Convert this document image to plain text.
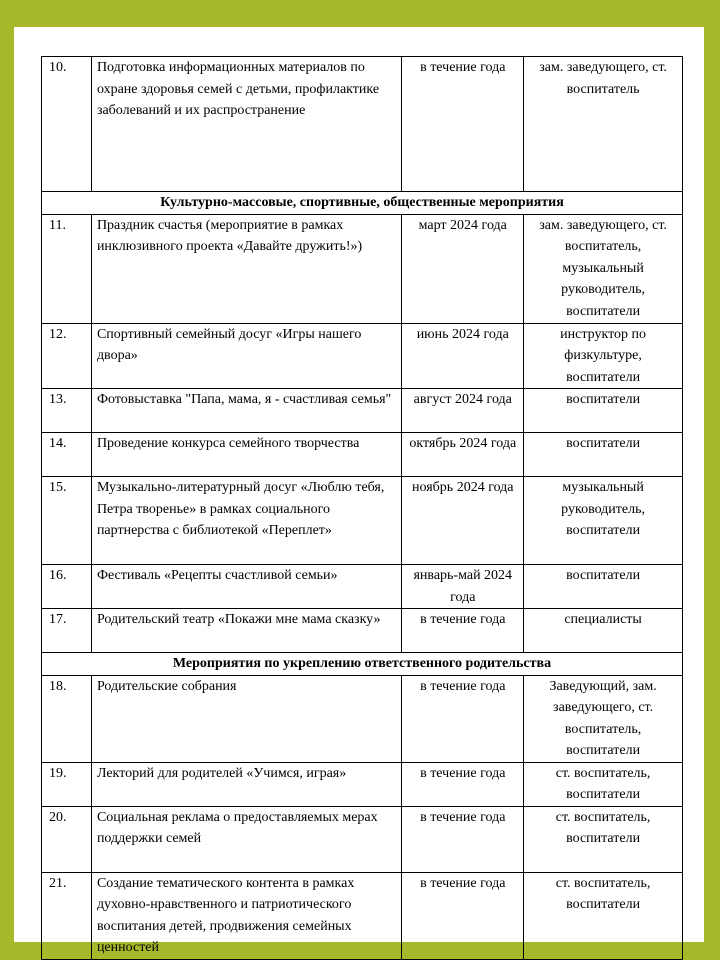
10.	Подготовка информационных материалов по охране здоровья семей с детьми, профилактике заболеваний и их распространение	в течение года	зам. заведующего, ст. воспитатель
Культурно-массовые, спортивные, общественные мероприятия			
11.	Праздник счастья (мероприятие в рамках инклюзивного проекта «Давайте дружить!»)	март 2024 года	зам. заведующего, ст. воспитатель, музыкальный руководитель, воспитатели
12.	Спортивный семейный досуг «Игры нашего двора»	июнь 2024 года	инструктор по физкультуре, воспитатели
13.	Фотовыставка "Папа, мама, я - счастливая семья"	август 2024 года	воспитатели
14.	Проведение конкурса семейного творчества	октябрь 2024 года	воспитатели
15.	Музыкально-литературный досуг «Люблю тебя, Петра творенье» в рамках социального партнерства с библиотекой «Переплет»	ноябрь 2024 года	музыкальный руководитель, воспитатели
16.	Фестиваль «Рецепты счастливой семьи»	январь-май 2024 года	воспитатели
17.	Родительский театр «Покажи мне мама сказку»	в течение года	специалисты
Мероприятия по укреплению ответственного родительства			
18.	Родительские собрания	в течение года	Заведующий, зам. заведующего, ст. воспитатель, воспитатели
19.	Лекторий для родителей «Учимся, играя»	в течение года	ст. воспитатель, воспитатели
20.	Социальная реклама о предоставляемых мерах поддержки семей	в течение года	ст. воспитатель, воспитатели
21.	Создание тематического контента в рамках духовно-нравственного и патриотического воспитания детей, продвижения семейных ценностей	в течение года	ст. воспитатель, воспитатели
